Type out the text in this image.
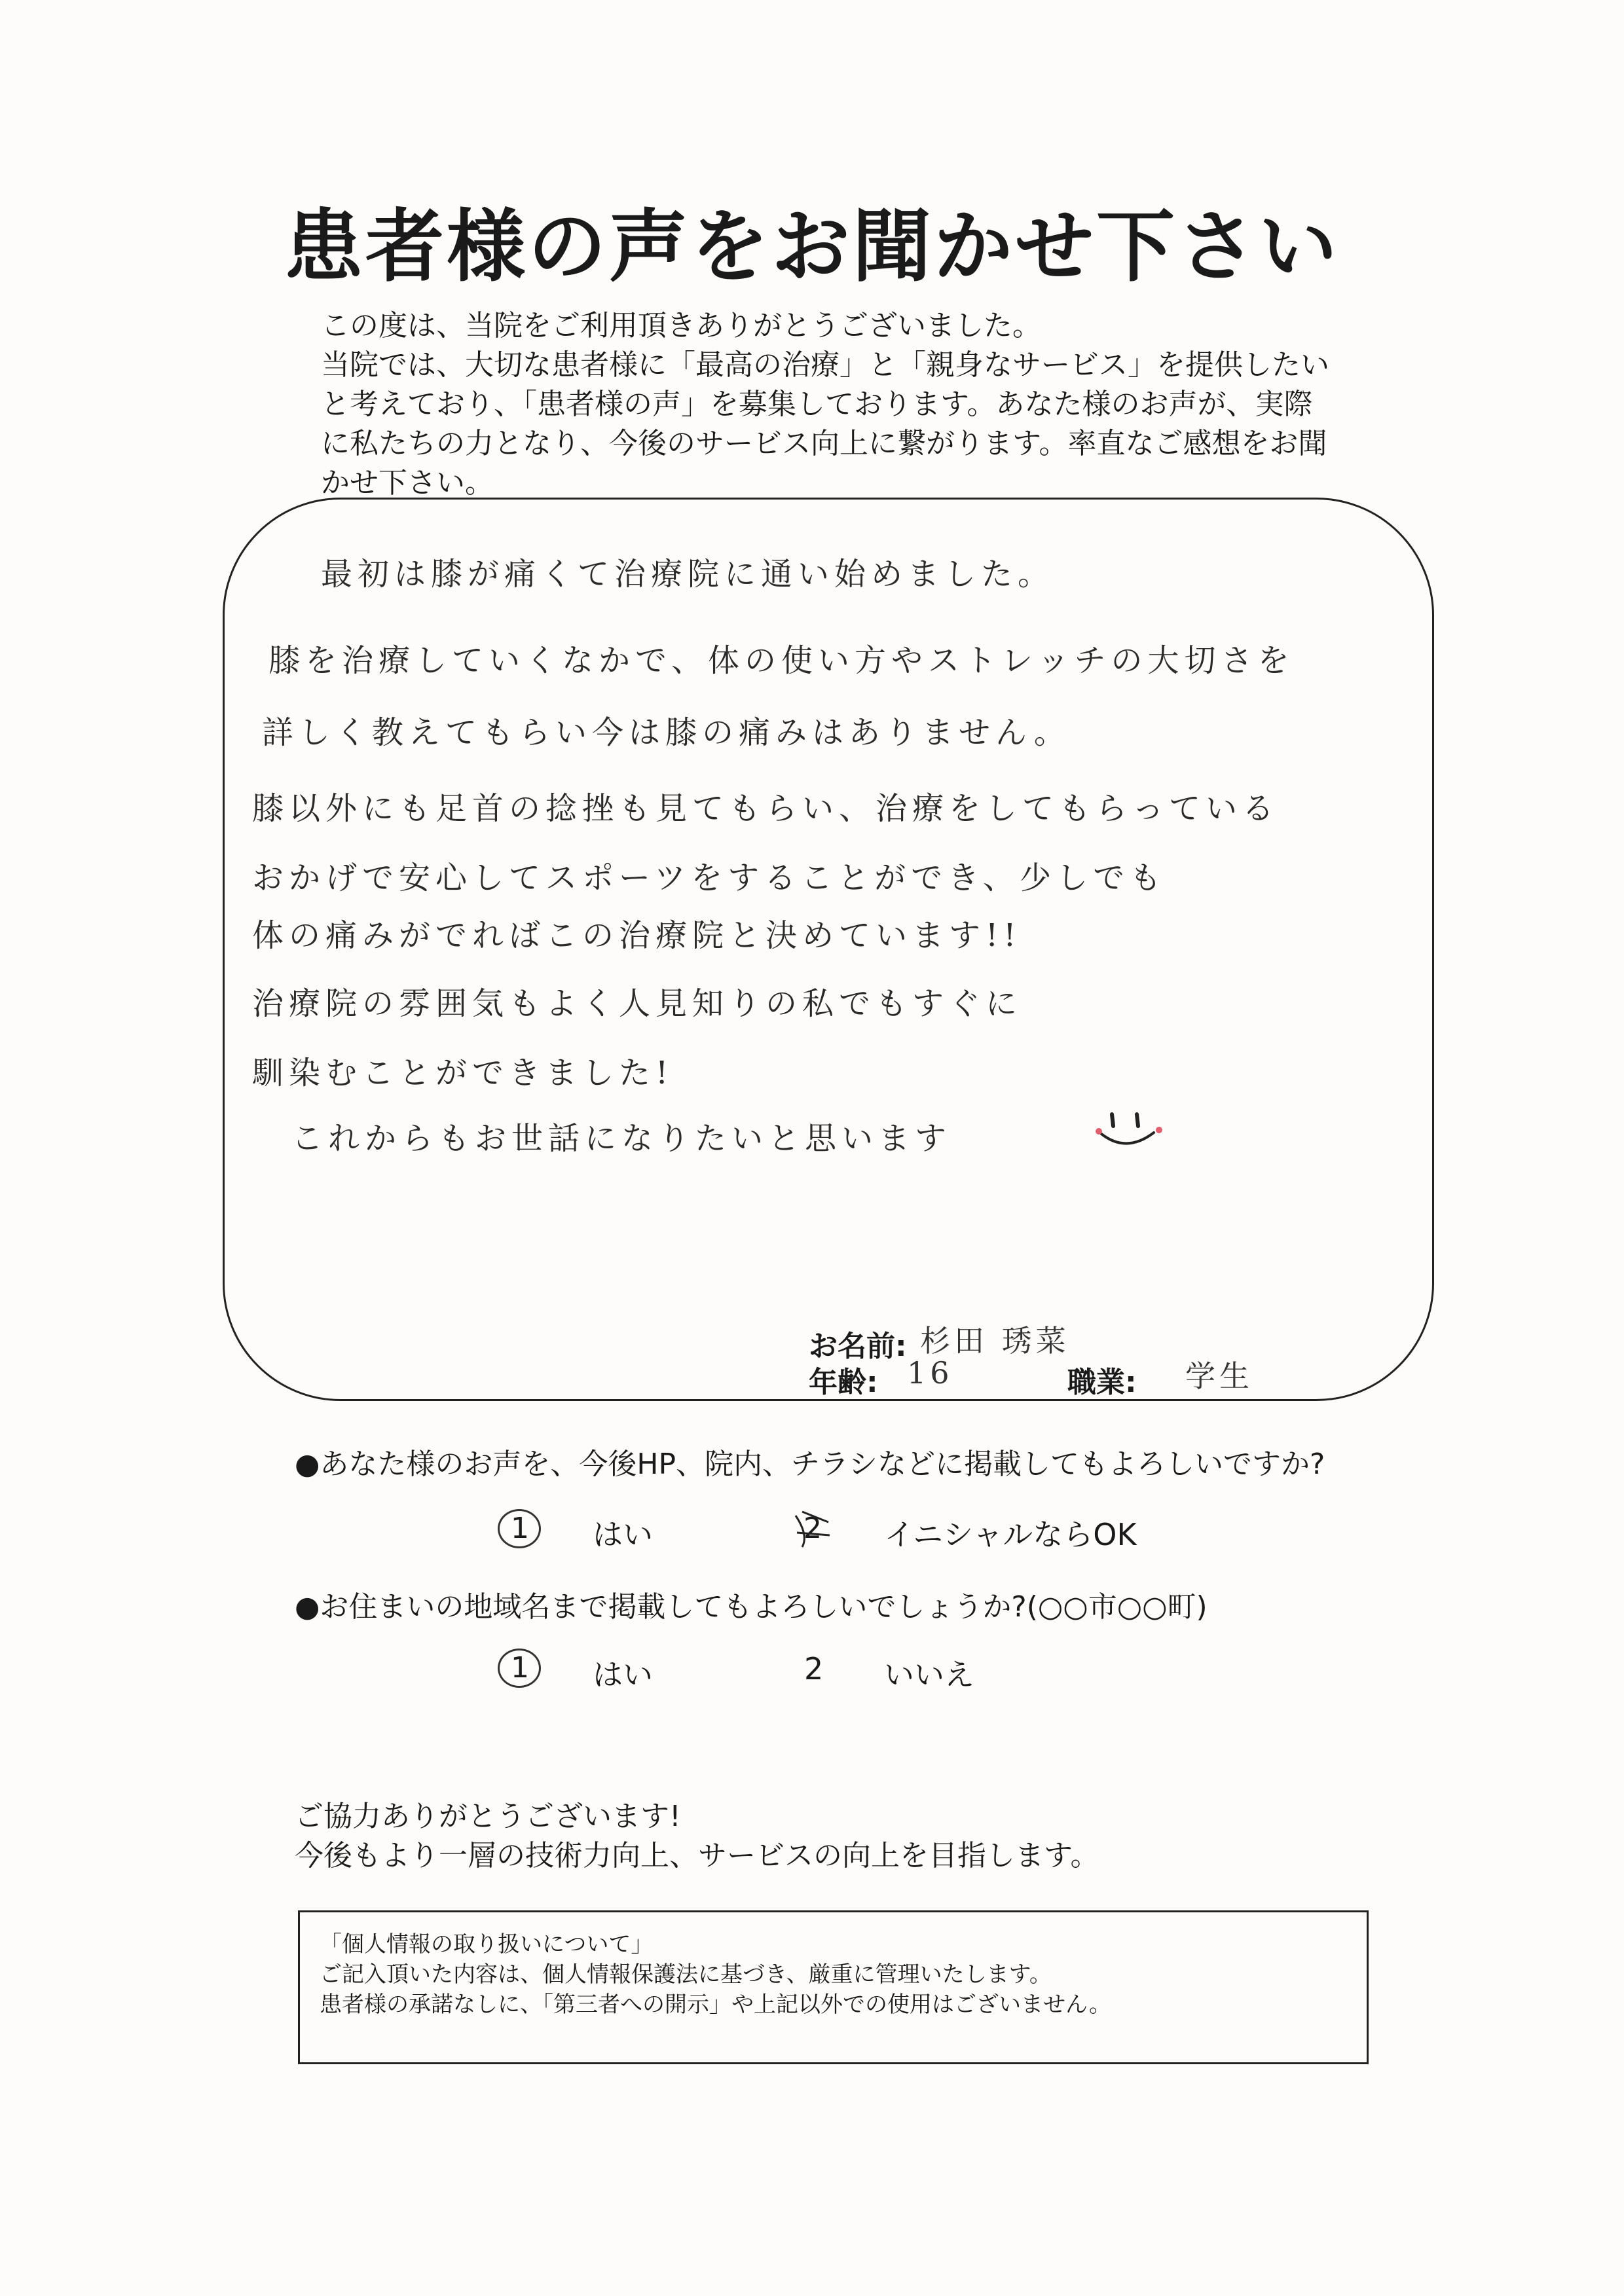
患者様の声をお聞かせ下さい
この度は、当院をご利用頂きありがとうございました。
当院では、大切な患者様に「最高の治療」と「親身なサービス」を提供したい
と考えており、「患者様の声」を募集しております。あなた様のお声が、実際
に私たちの力となり、今後のサービス向上に繋がります。率直なご感想をお聞
かせ下さい。
最初は膝が痛くて治療院に通い始めました。
膝を治療していくなかで、体の使い方やストレッチの大切さを
詳しく教えてもらい今は膝の痛みはありません。
膝以外にも足首の捻挫も見てもらい、治療をしてもらっている
おかげで安心してスポーツをすることができ、少しでも
体の痛みがでればこの治療院と決めています!!
治療院の雰囲気もよく人見知りの私でもすぐに
馴染むことができました!
これからもお世話になりたいと思います
お名前: 杉田 琇菜
年齢: 16	職業: 学生
●あなた様のお声を、今後HP、院内、チラシなどに掲載してもよろしいですか?
1 はい	2 イニシャルならOK
●お住まいの地域名まで掲載してもよろしいでしょうか?(○○市○○町)
1 はい	2 いいえ
ご協力ありがとうございます!
今後もより一層の技術力向上、サービスの向上を目指します。
「個人情報の取り扱いについて」
ご記入頂いた内容は、個人情報保護法に基づき、厳重に管理いたします。
患者様の承諾なしに、「第三者への開示」や上記以外での使用はございません。
